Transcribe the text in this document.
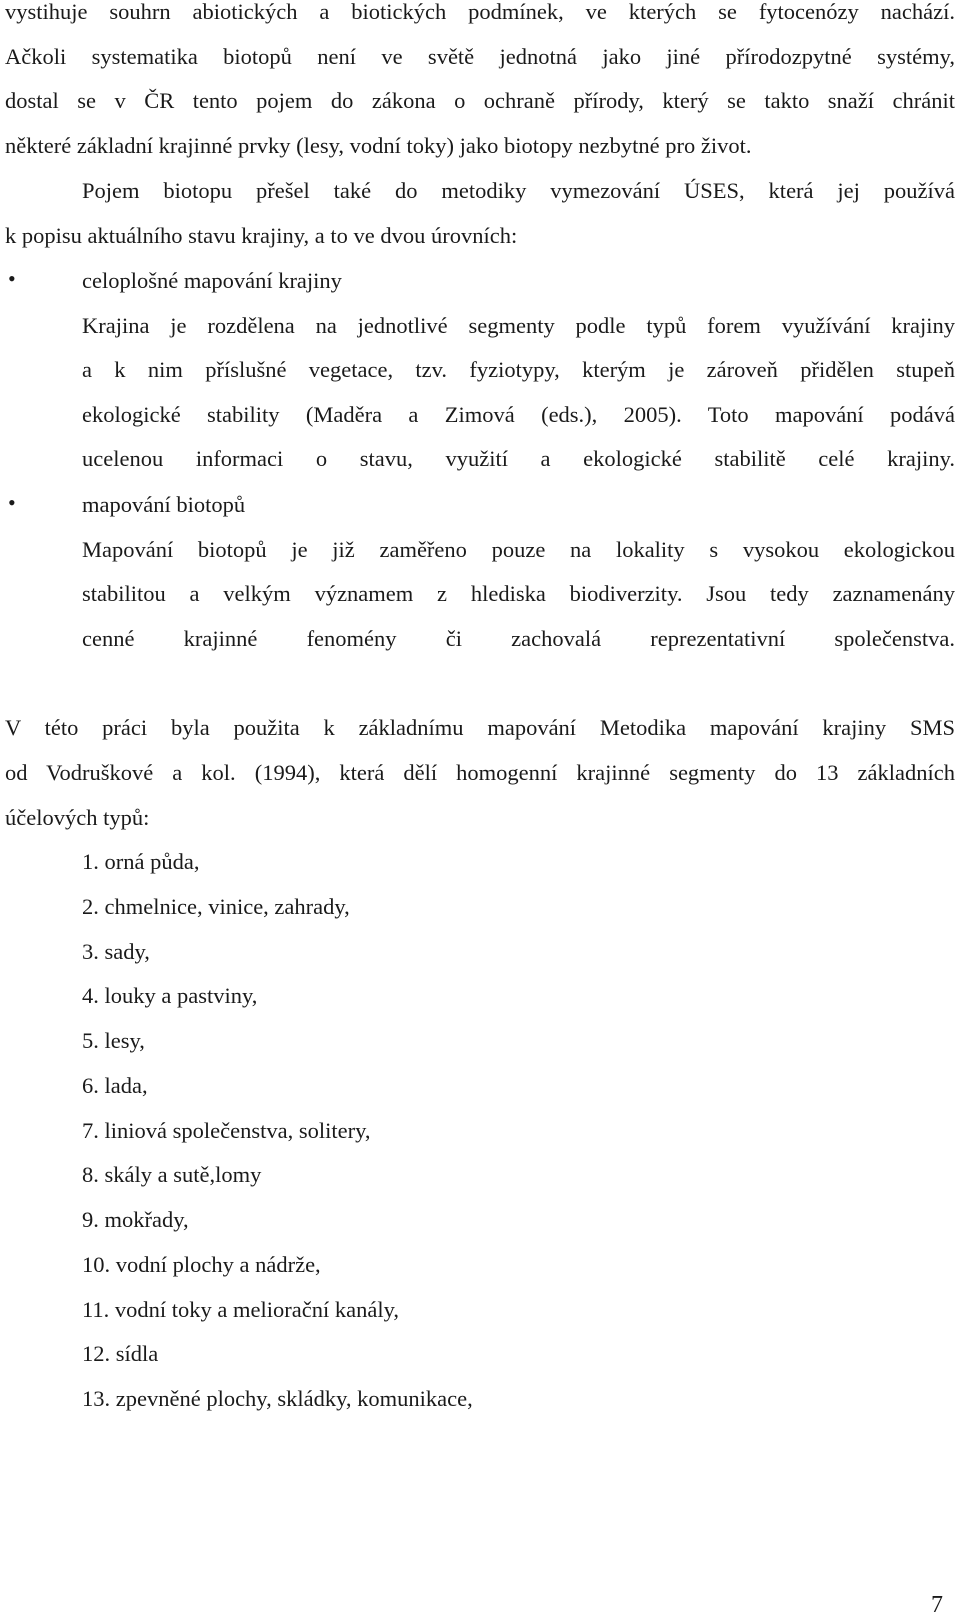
vystihuje souhrn abiotických a biotických podmínek, ve kterých se fytocenózy nachází.
Ačkoli systematika biotopů není ve světě jednotná jako jiné přírodozpytné systémy,
dostal se v ČR tento pojem do zákona o ochraně přírody, který se takto snaží chránit
některé základní krajinné prvky (lesy, vodní toky) jako biotopy nezbytné pro život.
Pojem biotopu přešel také do metodiky vymezování ÚSES, která jej používá
k popisu aktuálního stavu krajiny, a to ve dvou úrovních:
•	celoplošné mapování krajiny
Krajina je rozdělena na jednotlivé segmenty podle typů forem využívání krajiny
a k nim příslušné vegetace, tzv. fyziotypy, kterým je zároveň přidělen stupeň
ekologické stability (Maděra a Zimová (eds.), 2005). Toto mapování podává
ucelenou informaci o stavu, využití a ekologické stabilitě celé krajiny.
•	mapování biotopů
Mapování biotopů je již zaměřeno pouze na lokality s vysokou ekologickou
stabilitou a velkým významem z hlediska biodiverzity. Jsou tedy zaznamenány
cenné krajinné fenomény či zachovalá reprezentativní společenstva.
V této práci byla použita k základnímu mapování Metodika mapování krajiny SMS
od Vodruškové a kol. (1994), která dělí homogenní krajinné segmenty do 13 základních
účelových typů:
1. orná půda,
2. chmelnice, vinice, zahrady,
3. sady,
4. louky a pastviny,
5. lesy,
6. lada,
7. liniová společenstva, solitery,
8. skály a sutě,lomy
9. mokřady,
10. vodní plochy a nádrže,
11. vodní toky a meliorační kanály,
12. sídla
13. zpevněné plochy, skládky, komunikace,
7
